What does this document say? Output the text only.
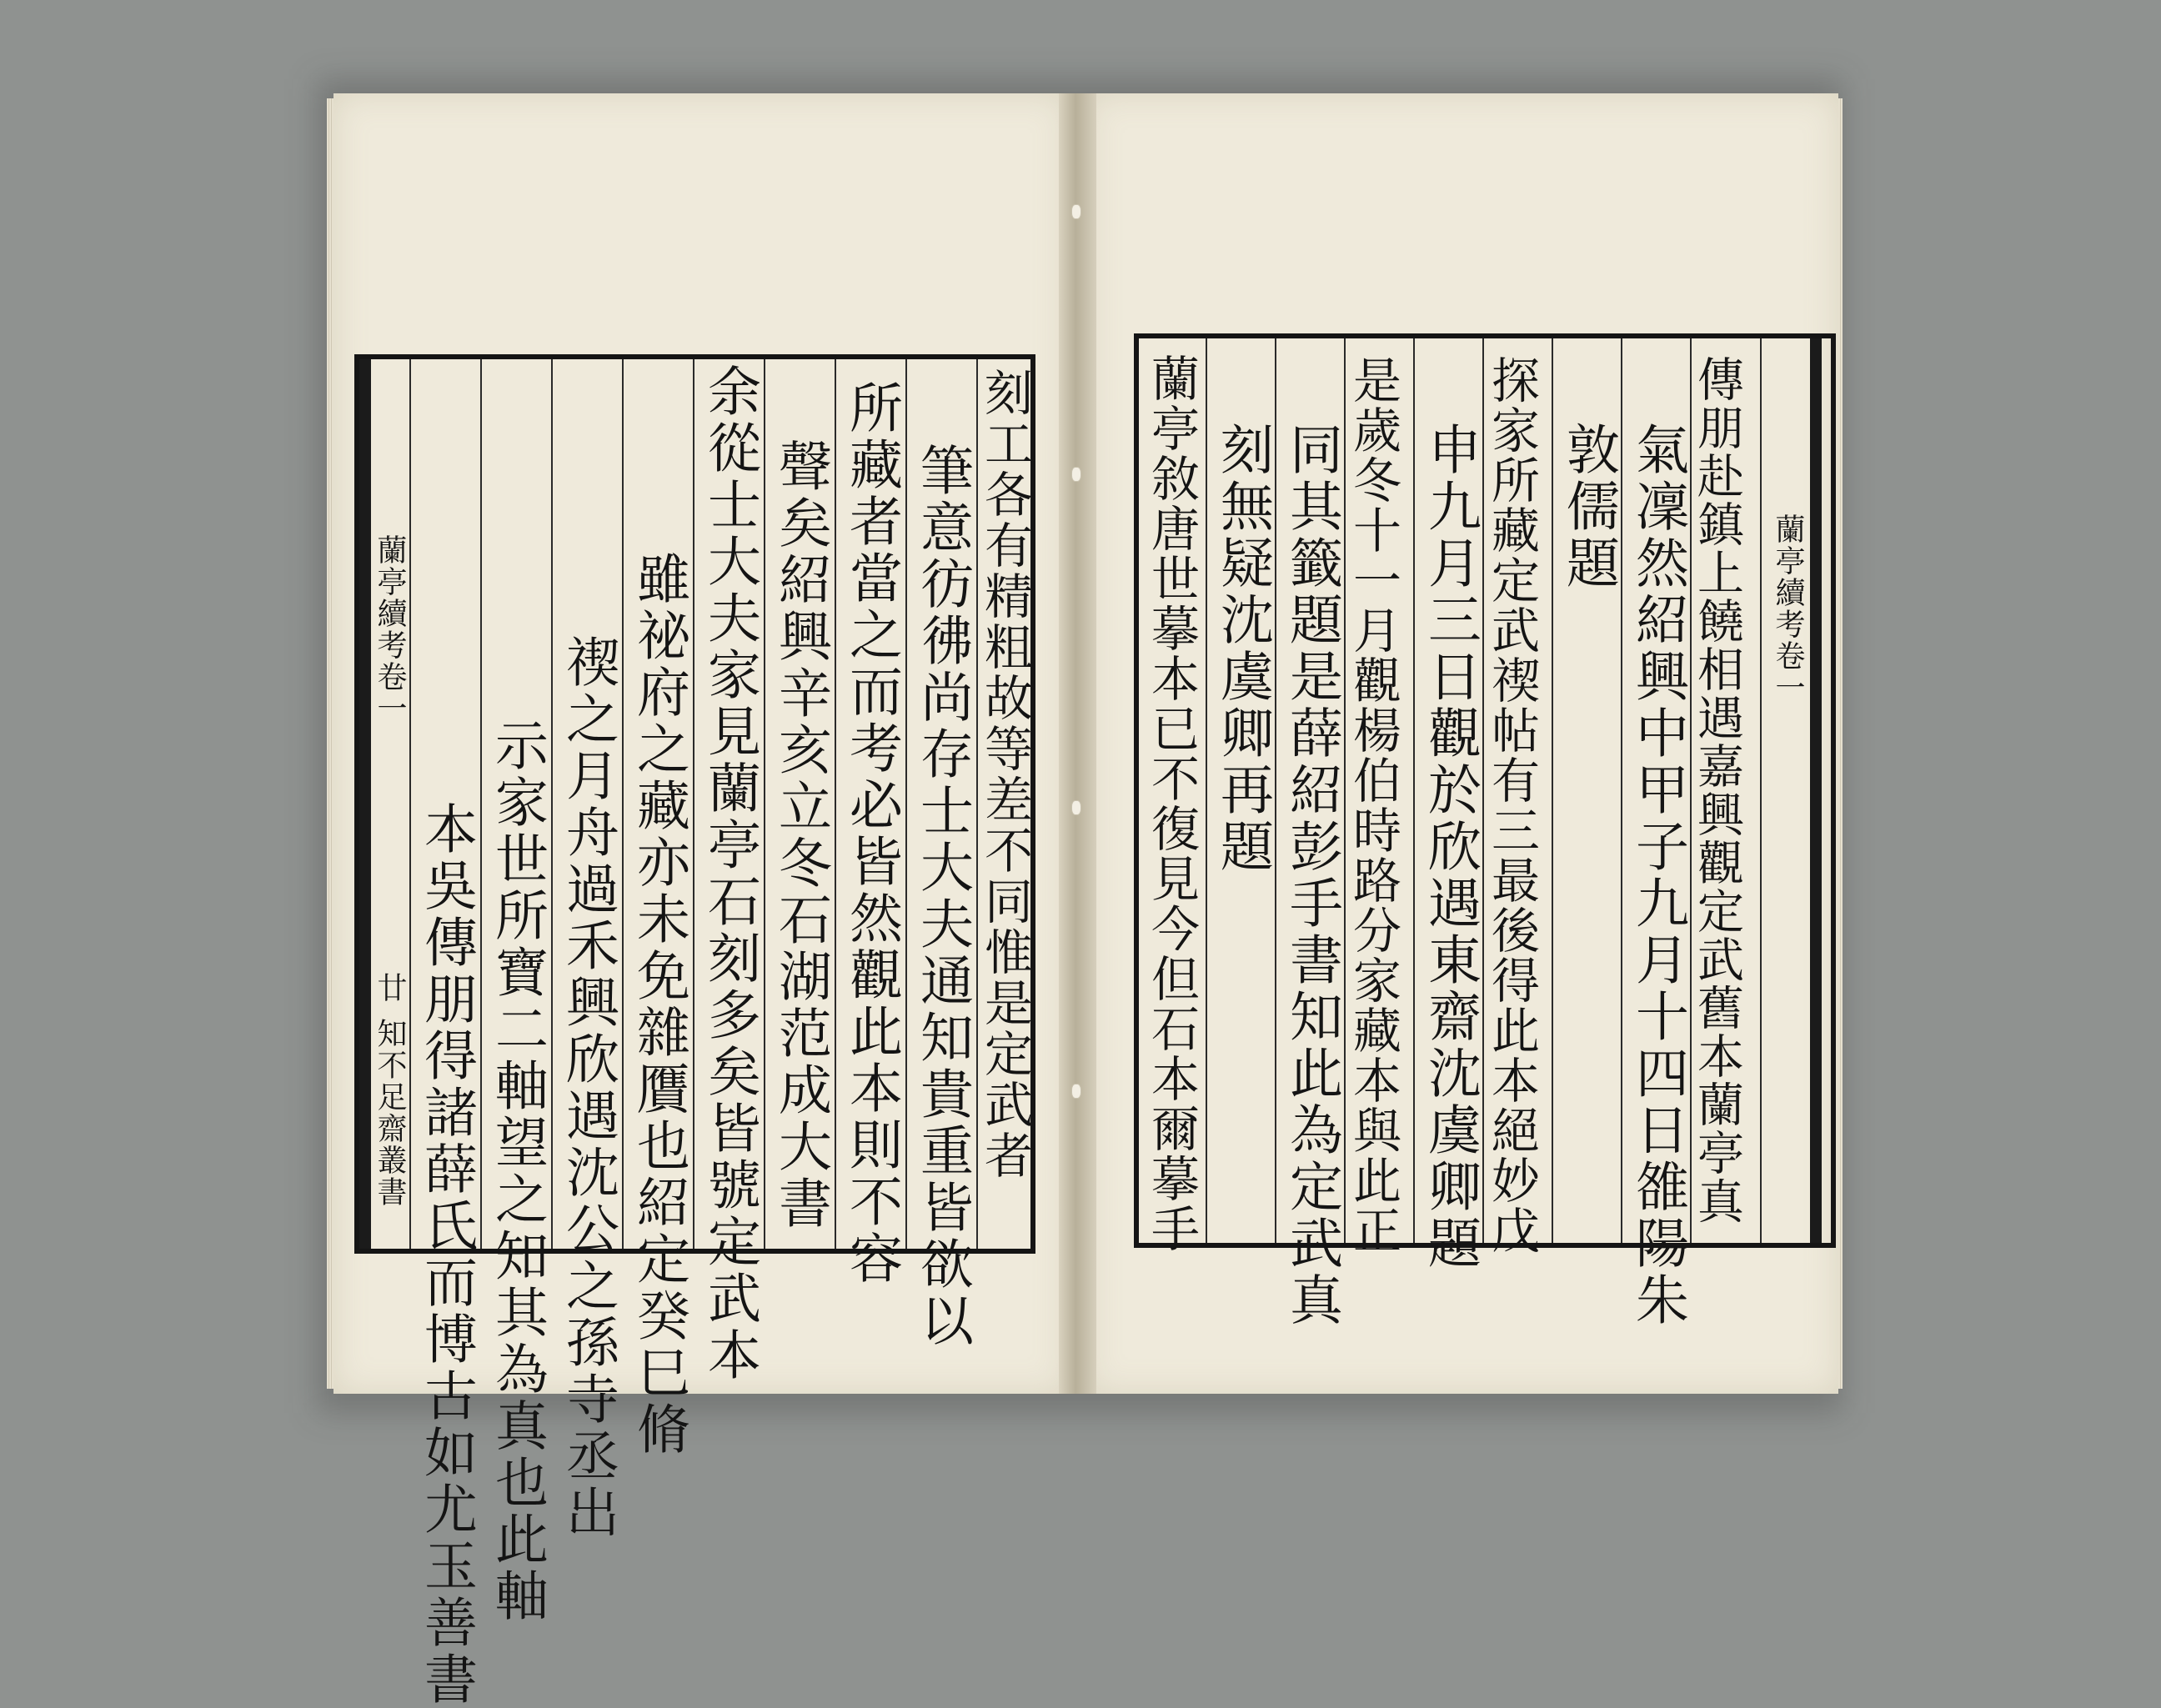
蘭亭續考卷一
廿
知不足齋叢書 本吳傳朋得諸薛氏而博古如尤玉善書 示家世所寶二軸望之知其為真也此軸 禊之月舟過禾興欣遇沈公之孫寺丞出 雖祕府之藏亦未免雜贋也紹定癸巳脩 余從士大夫家見蘭亭石刻多矣皆號定武本 聲矣紹興辛亥立冬石湖范成大書 所藏者當之而考必皆然觀此本則不容 筆意彷彿尚存士大夫通知貴重皆欲以 刻工各有精粗故等差不同惟是定武者 蘭亭敘唐世摹本已不復見今但石本爾摹手 刻無疑沈虞卿再題 同其籤題是薛紹彭手書知此為定武真 是歲冬十一月觀楊伯時路分家藏本與此正 申九月三日觀於欣遇東齋沈虞卿題 探家所藏定武禊帖有三最後得此本絕妙戊 敦儒題 氣凜然紹興中甲子九月十四日雒陽朱 傳朋赴鎮上饒相遇嘉興觀定武舊本蘭亭真 蘭亭續考卷一
